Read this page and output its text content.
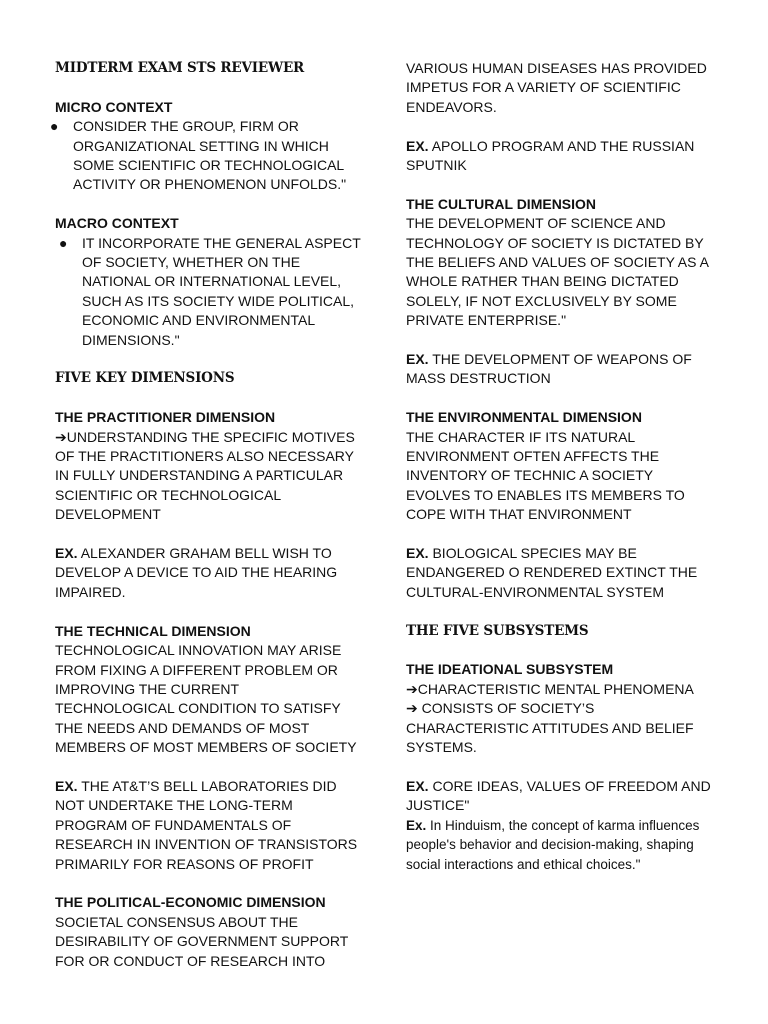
MIDTERM EXAM STS REVIEWER

MICRO CONTEXT

● CONSIDER THE GROUP, FIRM OR ORGANIZATIONAL SETTING IN WHICH SOME SCIENTIFIC OR TECHNOLOGICAL ACTIVITY OR PHENOMENON UNFOLDS."

MACRO CONTEXT

● IT INCORPORATE THE GENERAL ASPECT OF SOCIETY, WHETHER ON THE NATIONAL OR INTERNATIONAL LEVEL, SUCH AS ITS SOCIETY WIDE POLITICAL, ECONOMIC AND ENVIRONMENTAL DIMENSIONS."

FIVE KEY DIMENSIONS

THE PRACTITIONER DIMENSION

➔UNDERSTANDING THE SPECIFIC MOTIVES OF THE PRACTITIONERS ALSO NECESSARY IN FULLY UNDERSTANDING A PARTICULAR SCIENTIFIC OR TECHNOLOGICAL DEVELOPMENT

EX. ALEXANDER GRAHAM BELL WISH TO DEVELOP A DEVICE TO AID THE HEARING IMPAIRED.

THE TECHNICAL DIMENSION

TECHNOLOGICAL INNOVATION MAY ARISE FROM FIXING A DIFFERENT PROBLEM OR IMPROVING THE CURRENT TECHNOLOGICAL CONDITION TO SATISFY THE NEEDS AND DEMANDS OF MOST MEMBERS OF MOST MEMBERS OF SOCIETY

EX. THE AT&T’S BELL LABORATORIES DID NOT UNDERTAKE THE LONG-TERM PROGRAM OF FUNDAMENTALS OF RESEARCH IN INVENTION OF TRANSISTORS PRIMARILY FOR REASONS OF PROFIT

THE POLITICAL-ECONOMIC DIMENSION

SOCIETAL CONSENSUS ABOUT THE DESIRABILITY OF GOVERNMENT SUPPORT FOR OR CONDUCT OF RESEARCH INTO

VARIOUS HUMAN DISEASES HAS PROVIDED IMPETUS FOR A VARIETY OF SCIENTIFIC ENDEAVORS.

EX. APOLLO PROGRAM AND THE RUSSIAN SPUTNIK

THE CULTURAL DIMENSION

THE DEVELOPMENT OF SCIENCE AND TECHNOLOGY OF SOCIETY IS DICTATED BY THE BELIEFS AND VALUES OF SOCIETY AS A WHOLE RATHER THAN BEING DICTATED SOLELY, IF NOT EXCLUSIVELY BY SOME PRIVATE ENTERPRISE."

EX. THE DEVELOPMENT OF WEAPONS OF MASS DESTRUCTION

THE ENVIRONMENTAL DIMENSION

THE CHARACTER IF ITS NATURAL ENVIRONMENT OFTEN AFFECTS THE INVENTORY OF TECHNIC A SOCIETY EVOLVES TO ENABLES ITS MEMBERS TO COPE WITH THAT ENVIRONMENT

EX. BIOLOGICAL SPECIES MAY BE ENDANGERED O RENDERED EXTINCT THE CULTURAL-ENVIRONMENTAL SYSTEM

THE FIVE SUBSYSTEMS

THE IDEATIONAL SUBSYSTEM

➔CHARACTERISTIC MENTAL PHENOMENA

➔ CONSISTS OF SOCIETY’S CHARACTERISTIC ATTITUDES AND BELIEF SYSTEMS.

EX. CORE IDEAS, VALUES OF FREEDOM AND JUSTICE"

Ex. In Hinduism, the concept of karma influences people's behavior and decision-making, shaping social interactions and ethical choices."
